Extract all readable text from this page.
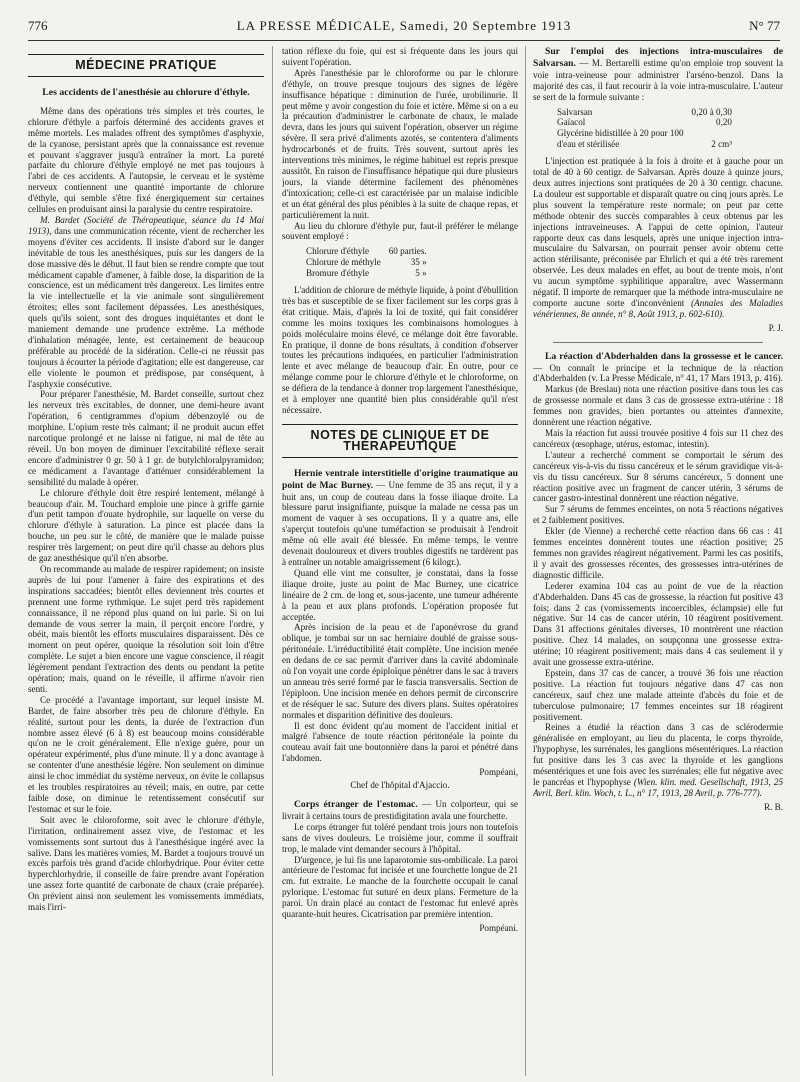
776	LA PRESSE MÉDICALE, Samedi, 20 Septembre 1913	N° 77
MÉDECINE PRATIQUE
Les accidents de l'anesthésie au chlorure d'éthyle.

Même dans des opérations très simples et très courtes, le chlorure d'éthyle a parfois déterminé des accidents graves et même mortels. Les malades offrent des symptômes d'asphyxie, de la cyanose, persistant après que la connaissance est revenue et pouvant s'aggraver jusqu'à entraîner la mort. La pureté parfaite du chlorure d'éthyle employé ne met pas toujours à l'abri de ces accidents. A l'autopsie, le cerveau et le système nerveux contiennent une quantité importante de chlorure d'éthyle, qui semble s'être fixé énergiquement sur certaines cellules en produisant ainsi la paralysie du centre respiratoire.

M. Bardet (Société de Thérapeutique, séance du 14 Mai 1913), dans une communication récente, vient de rechercher les moyens d'éviter ces accidents. Il insiste d'abord sur le danger inévitable de tous les anesthésiques, puis sur les dangers de la dose massive dès le début. Il faut bien se rendre compte que tout médicament capable d'amener, à faible dose, la disparition de la conscience, est un médicament très dangereux. Les limites entre la vie intellectuelle et la vie animale sont singulièrement étroites; elles sont facilement dépassées. Les anesthésiques, quels qu'ils soient, sont des drogues inquiétantes et dont le maniement demande une prudence extrême. La méthode d'inhalation ménagée, lente, est certainement de beaucoup préférable au procédé de la sidération. Celle-ci ne réussit pas toujours à écourter la période d'agitation; elle est dangereuse, car elle violente le poumon et prédispose, par conséquent, à l'asphyxie consécutive.

Pour préparer l'anesthésie, M. Bardet conseille, surtout chez les nerveux très excitables, de donner, une demi-heure avant l'opération, 6 centigrammes d'opium débenzoylé ou de morphine. L'opium reste très calmant; il ne produit aucun effet narcotique prolongé et ne laisse ni fatigue, ni mal de tête au réveil. Un bon moyen de diminuer l'excitabilité réflexe serait encore d'administrer 0 gr. 50 à 1 gr. de butylchloralpyramidon; ce médicament a l'avantage d'atténuer considérablement la sensibilité du malade à opérer.

Le chlorure d'éthyle doit être respiré lentement, mélangé à beaucoup d'air. M. Touchard emploie une pince à griffe garnie d'un petit tampon d'ouate hydrophile, sur laquelle on verse du chlorure d'éthyle à saturation. La pince est placée dans la bouche, un peu sur le côté, de manière que le malade puisse respirer très largement; on peut dire qu'il chasse au dehors plus de gaz anesthésique qu'il n'en absorbe.

On recommande au malade de respirer rapidement; on insiste auprès de lui pour l'amener à faire des expirations et des inspirations saccadées; bientôt elles deviennent très courtes et prennent une forme rythmique. Le sujet perd très rapidement connaissance, il ne répond plus quand on lui parle. Si on lui demande de vous serrer la main, il perçoit encore l'ordre, y obéit, mais bientôt les efforts musculaires disparaissent. Dès ce moment on peut opérer, quoique la résolution soit loin d'être complète. Le sujet a bien encore une vague conscience, il réagit légèrement pendant l'extraction des dents ou pendant la petite opération; mais, quand on le réveille, il affirme n'avoir rien senti.

Ce procédé a l'avantage important, sur lequel insiste M. Bardet, de faire absorber très peu de chlorure d'éthyle. En réalité, surtout pour les dents, la durée de l'extraction d'un nombre assez élevé (6 à 8) est beaucoup moins considérable qu'on ne le croit généralement. Elle n'exige guère, pour un opérateur expérimenté, plus d'une minute. Il y a donc avantage à se contenter d'une anesthésie légère. Non seulement on diminue ainsi le choc immédiat du système nerveux, on évite le collapsus et les troubles respiratoires au réveil; mais, en outre, par cette faible dose, on diminue le retentissement consécutif sur l'estomac et sur le foie.

Soit avec le chloroforme, soit avec le chlorure d'éthyle, l'irritation, ordinairement assez vive, de l'estomac et les vomissements sont surtout dus à l'anesthésique ingéré avec la salive. Dans les matières vomies, M. Bardet a toujours trouvé un excès parfois très grand d'acide chlorhydrique. Pour éviter cette hyperchlorhydrie, il conseille de faire prendre avant l'opération une assez forte quantité de carbonate de chaux (craie préparée). On prévient ainsi non seulement les vomissements immédiats, mais l'irri-

tation réflexe du foie, qui est si fréquente dans les jours qui suivent l'opération.

Après l'anesthésie par le chloroforme ou par le chlorure d'éthyle, on trouve presque toujours des signes de légère insuffisance hépatique : diminution de l'urée, urobilinurie. Il peut même y avoir congestion du foie et ictère. Même si on a eu la précaution d'administrer le carbonate de chaux, le malade devra, dans les jours qui suivent l'opération, observer un régime sévère. Il sera privé d'aliments azotés, se contentera d'aliments hydrocarbonés et de fruits. Très souvent, surtout après les interventions très minimes, le régime habituel est repris presque aussitôt. En raison de l'insuffisance hépatique qui dure plusieurs jours, la viande détermine facilement des phénomènes d'intoxication; celle-ci est caractérisée par un malaise indicible et un état général des plus pénibles à la suite de chaque repas, et particulièrement la nuit.

Au lieu du chlorure d'éthyle pur, faut-il préférer le mélange souvent employé :

Chlorure d'éthyle	60 parties.
Chlorure de méthyle	35 »
Bromure d'éthyle	5 »

L'addition de chlorure de méthyle liquide, à point d'ébullition très bas et susceptible de se fixer facilement sur les corps gras à état critique. Mais, d'après la loi de toxité, qui fait considérer comme les moins toxiques les combinaisons homologues à poids moléculaire moins élevé, ce mélange doit être favorable. En pratique, il donne de bons résultats, à condition d'observer toutes les précautions indiquées, en particulier l'administration lente et avec mélange de beaucoup d'air. En outre, pour ce mélange comme pour le chlorure d'éthyle et le chloroforme, on se défiera de la tendance à donner trop largement l'anesthésique, et à employer une quantité bien plus considérable qu'il n'est nécessaire.

NOTES DE CLINIQUE ET DE THÉRAPEUTIQUE

Hernie ventrale interstitielle d'origine traumatique au point de Mac Burney. — Une femme de 35 ans reçut, il y a huit ans, un coup de couteau dans la fosse iliaque droite. La blessure parut insignifiante, puisque la malade ne cessa pas un moment de vaquer à ses occupations. Il y a quatre ans, elle s'aperçut toutefois qu'une tuméfaction se produisait à l'endroit même où elle avait été blessée. En même temps, le ventre devenait douloureux et divers troubles digestifs ne tardèrent pas à entraîner un notable amaigrissement (6 kilogr.).

Quand elle vint me consulter, je constatai, dans la fosse iliaque droite, juste au point de Mac Burney, une cicatrice linéaire de 2 cm. de long et, sous-jacente, une tumeur adhérente à la peau et aux plans profonds. L'opération proposée fut acceptée.

Après incision de la peau et de l'aponévrose du grand oblique, je tombai sur un sac herniaire doublé de graisse sous-péritonéale. L'irréductibilité était complète. Une incision menée en dedans de ce sac permit d'arriver dans la cavité abdominale où l'on voyait une corde épiploïque pénétrer dans le sac à travers un anneau très serré formé par le fascia transversalis. Section de l'épiploon. Une incision menée en dehors permit de circonscrire et de réséquer le sac. Suture des divers plans. Suites opératoires normales et disparition définitive des douleurs.

Il est donc évident qu'au moment de l'accident initial et malgré l'absence de toute réaction péritonéale la pointe du couteau avait fait une boutonnière dans la paroi et pénétré dans l'abdomen.

Pompéani,
Chef de l'hôpital d'Ajaccio.

Corps étranger de l'estomac. — Un colporteur, qui se livrait à certains tours de prestidigitation avala une fourchette.

Le corps étranger fut toléré pendant trois jours non toutefois sans de vives douleurs. Le troisième jour, comme il souffrait trop, le malade vint demander secours à l'hôpital.

D'urgence, je lui fis une laparotomie sus-ombilicale. La paroi antérieure de l'estomac fut incisée et une fourchette longue de 21 cm. fut extraite. Le manche de la fourchette occupait le canal pylorique. L'estomac fut suturé en deux plans. Fermeture de la paroi. Un drain placé au contact de l'estomac fut enlevé après quarante-huit heures. Cicatrisation par première intention.

Pompéani.

Sur l'emploi des injections intra-musculaires de Salvarsan. — M. Bertarelli estime qu'on emploie trop souvent la voie intra-veineuse pour administrer l'arséno-benzol. Dans la majorité des cas, il faut recourir à la voie intra-musculaire. L'auteur se sert de la formule suivante :

Salvarsan	0,20 à 0,30
Gaïacol	0,20
Glycérine bidistillée à 20 pour 100	
d'eau et stérilisée	2 cm³

L'injection est pratiquée à la fois à droite et à gauche pour un total de 40 à 60 centigr. de Salvarsan. Après douze à quinze jours, deux autres injections sont pratiquées de 20 à 30 centigr. chacune. La douleur est supportable et disparaît quatre ou cinq jours après. Le plus souvent la température reste normale; on peut par cette méthode obtenir des succès comparables à ceux obtenus par les injections intraveineuses. A l'appui de cette opinion, l'auteur rapporte deux cas dans lesquels, après une unique injection intra-musculaire du Salvarsan, on pourrait penser avoir obtenu cette action stérilisante, préconisée par Ehrlich et qui a été très rarement observée. Les deux malades en effet, au bout de trente mois, n'ont vu aucun symptôme syphilitique apparaître, avec Wassermann négatif. Il importe de remarquer que la méthode intra-musculaire ne comporte aucune sorte d'inconvénient (Annales des Maladies vénériennes, 8e année, n° 8, Août 1913, p. 602-610).

P. J.

La réaction d'Abderhalden dans la grossesse et le cancer. — On connaît le principe et la technique de la réaction d'Abderhalden (v. La Presse Médicale, n° 41, 17 Mars 1913, p. 416).

Markus (de Breslau) nota une réaction positive dans tous les cas de grossesse normale et dans 3 cas de grossesse extra-utérine : 18 femmes non gravides, bien portantes ou atteintes d'annexite, donnèrent une réaction négative.

Mais la réaction fut aussi trouvée positive 4 fois sur 11 chez des cancéreux (œsophage, utérus, estomac, intestin).

L'auteur a recherché comment se comportait le sérum des cancéreux vis-à-vis du tissu cancéreux et le sérum gravidique vis-à-vis du tissu cancéreux. Sur 8 sérums cancéreux, 5 donnent une réaction positive avec un fragment de cancer utérin, 3 sérums de cancer gastro-intestinal donnèrent une réaction négative.

Sur 7 sérums de femmes enceintes, on nota 5 réactions négatives et 2 faiblement positives.

Ekler (de Vienne) a recherché cette réaction dans 66 cas : 41 femmes enceintes donnèrent toutes une réaction positive; 25 femmes non gravides réagirent négativement. Parmi les cas positifs, il y avait des grossesses récentes, des grossesses intra-utérines de diagnostic difficile.

Lederer examina 104 cas au point de vue de la réaction d'Abderhalden. Dans 45 cas de grossesse, la réaction fut positive 43 fois; dans 2 cas (vomissements incoercibles, éclampsie) elle fut négative. Sur 14 cas de cancer utérin, 10 réagirent positivement. Dans 31 affections génitales diverses, 10 montrèrent une réaction positive. Chez 14 malades, on soupçonna une grossesse extra-utérine; 10 réagirent positivement; mais dans 4 cas seulement il y avait une grossesse extra-utérine.

Epstein, dans 37 cas de cancer, a trouvé 36 fois une réaction positive. La réaction fut toujours négative dans 47 cas non cancéreux, sauf chez une malade atteinte d'abcès du foie et de tuberculose pulmonaire; 17 femmes enceintes sur 18 réagirent positivement.

Reines a étudié la réaction dans 3 cas de sclérodermie généralisée en employant, au lieu du placenta, le corps thyroïde, l'hypophyse, les surrénales, les ganglions mésentériques. La réaction fut positive dans les 3 cas avec la thyroïde et les ganglions mésentériques et une fois avec les surrénales; elle fut négative avec le pancréas et l'hypophyse (Wien. klin. med. Gesellschaft, 1913, 25 Avril. Berl. klin. Woch, t. L., n° 17, 1913, 28 Avril, p. 776-777).

R. B.
